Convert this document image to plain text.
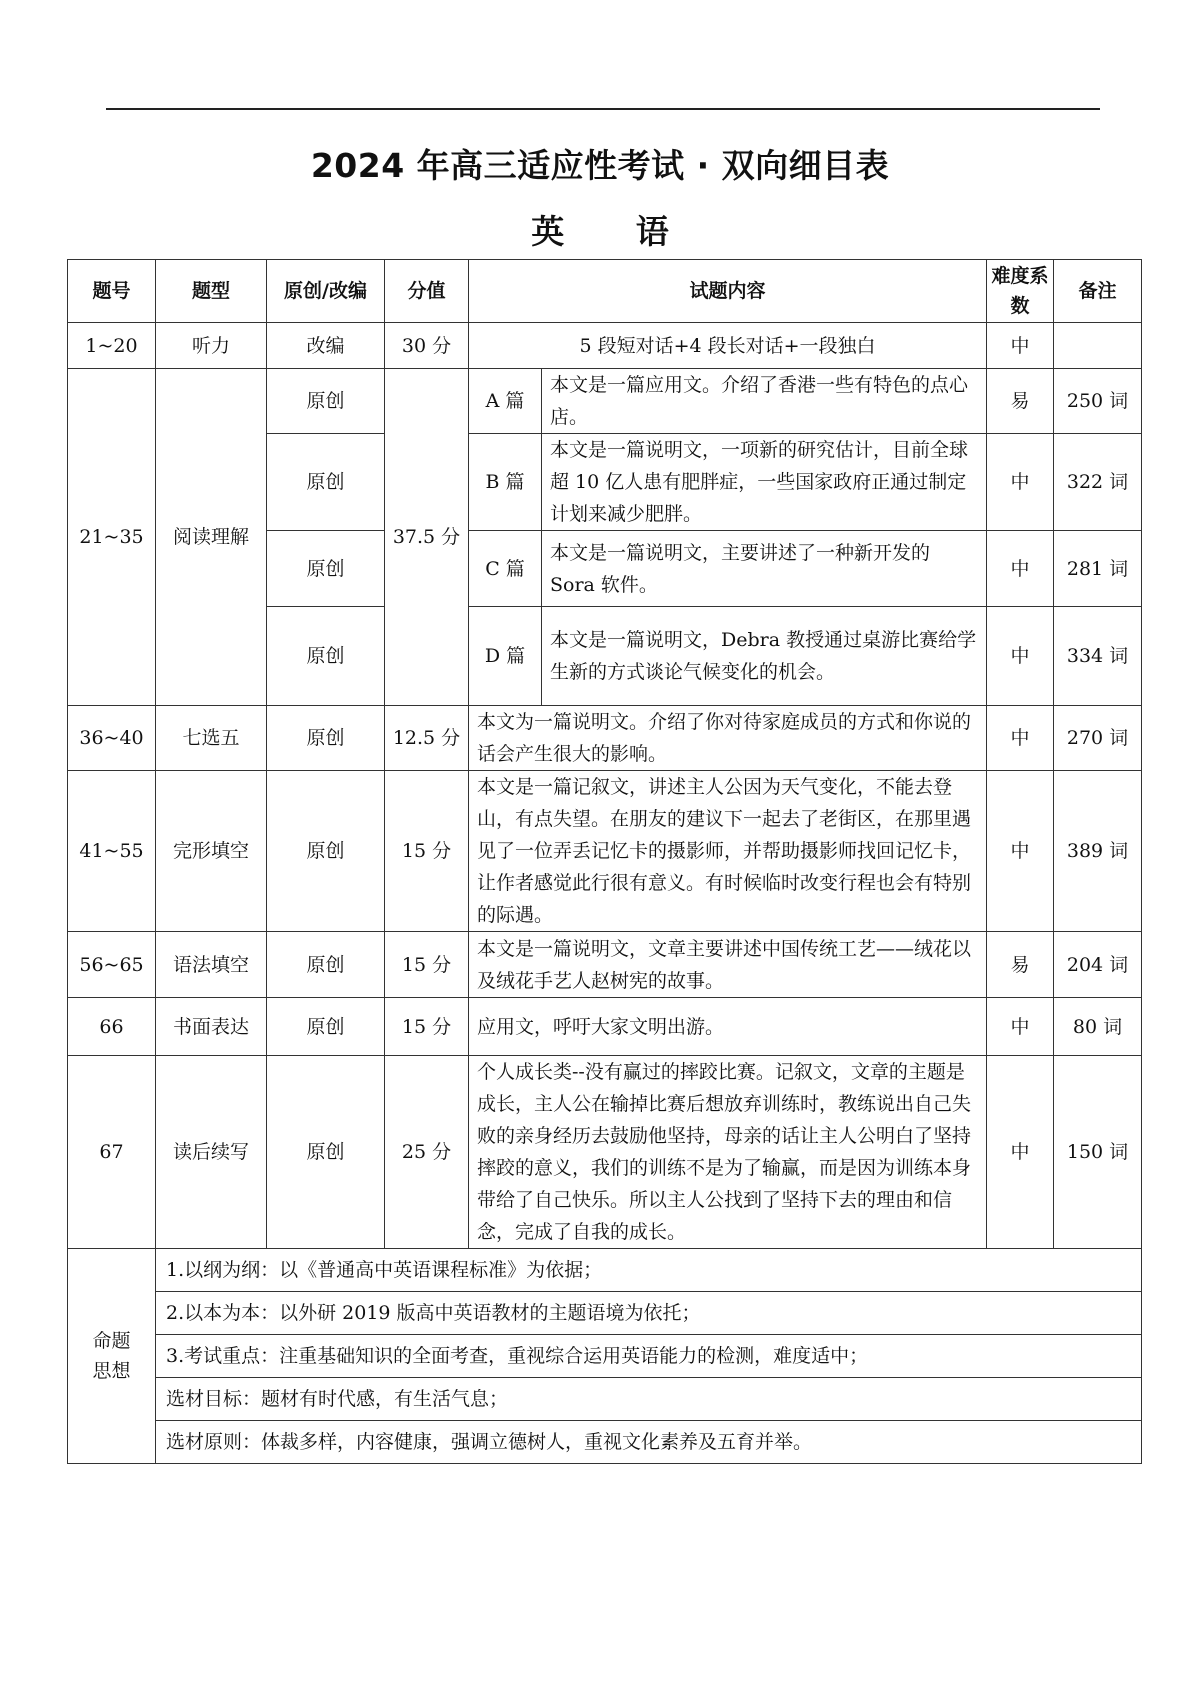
2024 年高三适应性考试 · 双向细目表
英 语
题号	题型	原创/改编	分值	试题内容		难度系数	备注
1~20	听力	改编	30 分	5 段短对话+4 段长对话+一段独白		中	
21~35	阅读理解	原创	37.5 分	A 篇	本文是一篇应用文。介绍了香港一些有特色的点心店。	易	250 词
		原创		B 篇	本文是一篇说明文，一项新的研究估计，目前全球超 10 亿人患有肥胖症，一些国家政府正通过制定计划来减少肥胖。	中	322 词
		原创		C 篇	本文是一篇说明文，主要讲述了一种新开发的 Sora 软件。	中	281 词
		原创		D 篇	本文是一篇说明文，Debra 教授通过桌游比赛给学生新的方式谈论气候变化的机会。	中	334 词
36~40	七选五	原创	12.5 分	本文为一篇说明文。介绍了你对待家庭成员的方式和你说的话会产生很大的影响。		中	270 词
41~55	完形填空	原创	15 分	本文是一篇记叙文，讲述主人公因为天气变化，不能去登山，有点失望。在朋友的建议下一起去了老街区，在那里遇见了一位弄丢记忆卡的摄影师，并帮助摄影师找回记忆卡，让作者感觉此行很有意义。有时候临时改变行程也会有特别的际遇。		中	389 词
56~65	语法填空	原创	15 分	本文是一篇说明文，文章主要讲述中国传统工艺——绒花以及绒花手艺人赵树宪的故事。		易	204 词
66	书面表达	原创	15 分	应用文，呼吁大家文明出游。		中	80 词
67	读后续写	原创	25 分	个人成长类--没有赢过的摔跤比赛。记叙文，文章的主题是成长，主人公在输掉比赛后想放弃训练时，教练说出自己失败的亲身经历去鼓励他坚持，母亲的话让主人公明白了坚持摔跤的意义，我们的训练不是为了输赢，而是因为训练本身带给了自己快乐。所以主人公找到了坚持下去的理由和信念，完成了自我的成长。		中	150 词

命题思想	1.以纲为纲：以《普通高中英语课程标准》为依据；						
	2.以本为本：以外研 2019 版高中英语教材的主题语境为依托；						
	3.考试重点：注重基础知识的全面考查，重视综合运用英语能力的检测，难度适中；						
	选材目标：题材有时代感，有生活气息；						
	选材原则：体裁多样，内容健康，强调立德树人，重视文化素养及五育并举。						
